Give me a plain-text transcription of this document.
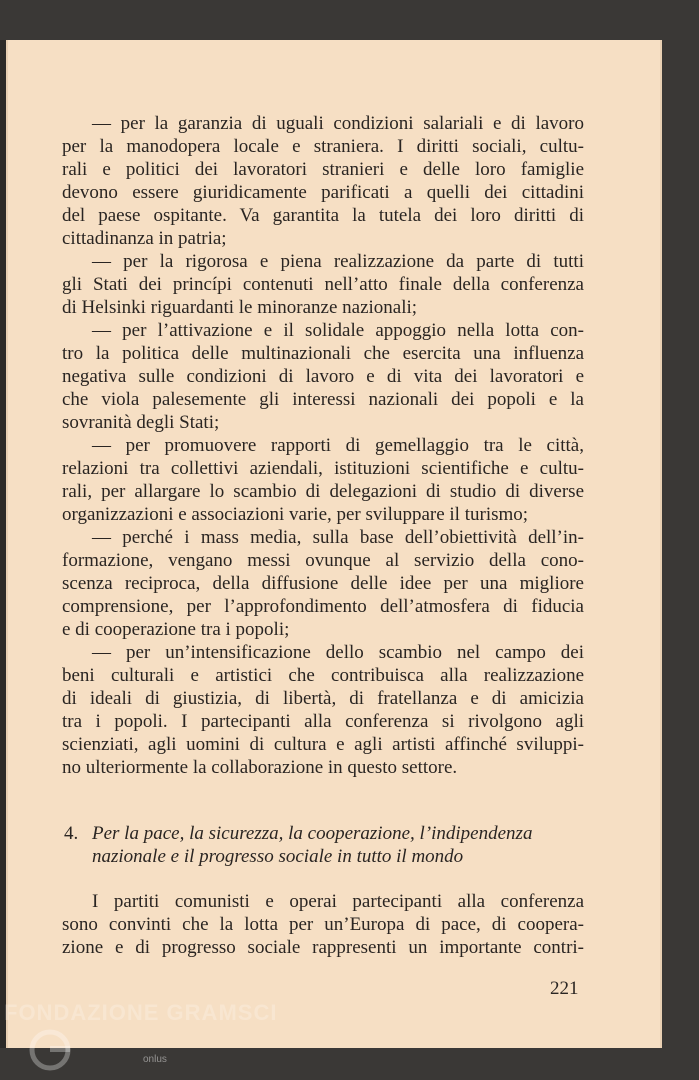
— per la garanzia di uguali condizioni salariali e di lavoro
per la manodopera locale e straniera. I diritti sociali, cultu-
rali e politici dei lavoratori stranieri e delle loro famiglie
devono essere giuridicamente parificati a quelli dei cittadini
del paese ospitante. Va garantita la tutela dei loro diritti di
cittadinanza in patria;
— per la rigorosa e piena realizzazione da parte di tutti
gli Stati dei princípi contenuti nell’atto finale della conferenza
di Helsinki riguardanti le minoranze nazionali;
— per l’attivazione e il solidale appoggio nella lotta con-
tro la politica delle multinazionali che esercita una influenza
negativa sulle condizioni di lavoro e di vita dei lavoratori e
che viola palesemente gli interessi nazionali dei popoli e la
sovranità degli Stati;
— per promuovere rapporti di gemellaggio tra le città,
relazioni tra collettivi aziendali, istituzioni scientifiche e cultu-
rali, per allargare lo scambio di delegazioni di studio di diverse
organizzazioni e associazioni varie, per sviluppare il turismo;
— perché i mass media, sulla base dell’obiettività dell’in-
formazione, vengano messi ovunque al servizio della cono-
scenza reciproca, della diffusione delle idee per una migliore
comprensione, per l’approfondimento dell’atmosfera di fiducia
e di cooperazione tra i popoli;
— per un’intensificazione dello scambio nel campo dei
beni culturali e artistici che contribuisca alla realizzazione
di ideali di giustizia, di libertà, di fratellanza e di amicizia
tra i popoli. I partecipanti alla conferenza si rivolgono agli
scienziati, agli uomini di cultura e agli artisti affinché sviluppi-
no ulteriormente la collaborazione in questo settore.
4. Per la pace, la sicurezza, la cooperazione, l’indipendenza
nazionale e il progresso sociale in tutto il mondo
I partiti comunisti e operai partecipanti alla conferenza
sono convinti che la lotta per un’Europa di pace, di coopera-
zione e di progresso sociale rappresenti un importante contri-
221
FONDAZIONE GRAMSCI
onlus
